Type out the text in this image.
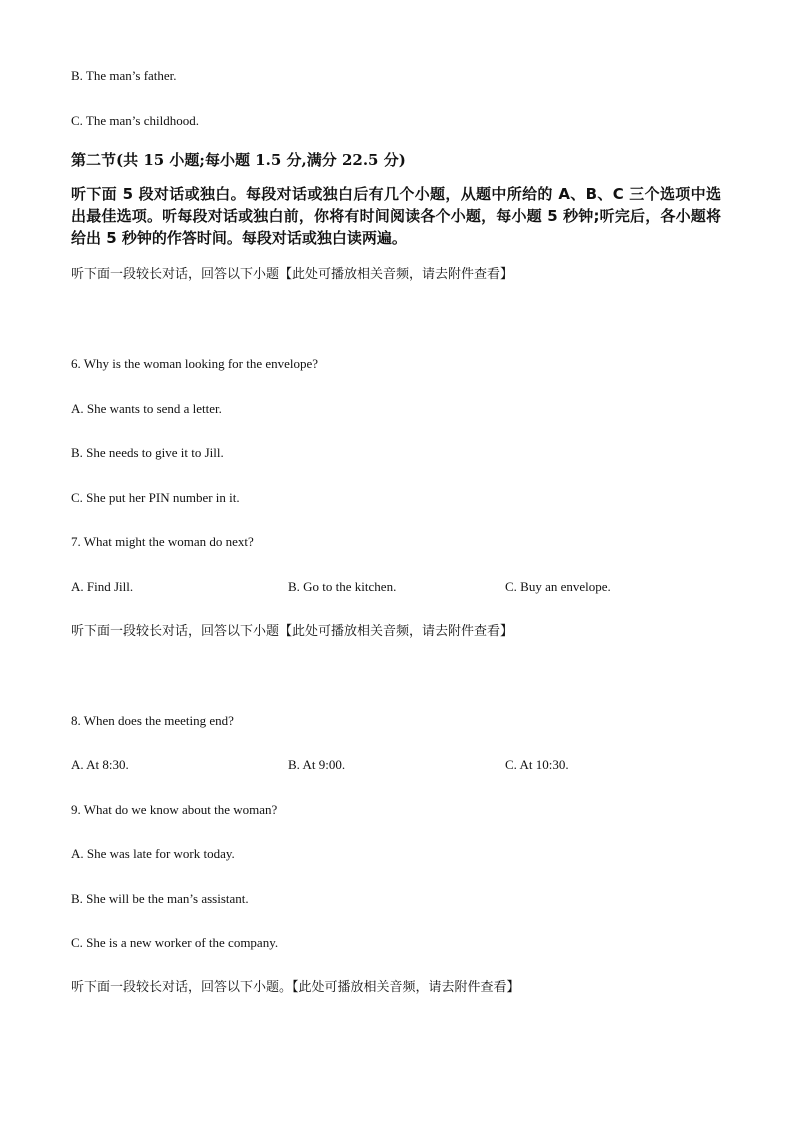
B. The man’s father.
C. The man’s childhood.
第二节(共 15 小题;每小题 1.5 分,满分 22.5 分)
听下面 5 段对话或独白。每段对话或独白后有几个小题，从题中所给的 A、B、C 三个选项中选出最佳选项。听每段对话或独白前，你将有时间阅读各个小题，每小题 5 秒钟;听完后，各小题将给出 5 秒钟的作答时间。每段对话或独白读两遍。
听下面一段较长对话，回答以下小题【此处可播放相关音频，请去附件查看】
6. Why is the woman looking for the envelope?
A. She wants to send a letter.
B. She needs to give it to Jill.
C. She put her PIN number in it.
7. What might the woman do next?
A. Find Jill.	B. Go to the kitchen.	C. Buy an envelope.
听下面一段较长对话，回答以下小题【此处可播放相关音频，请去附件查看】
8. When does the meeting end?
A. At 8:30.	B. At 9:00.	C. At 10:30.
9. What do we know about the woman?
A. She was late for work today.
B. She will be the man’s assistant.
C. She is a new worker of the company.
听下面一段较长对话，回答以下小题。【此处可播放相关音频，请去附件查看】
